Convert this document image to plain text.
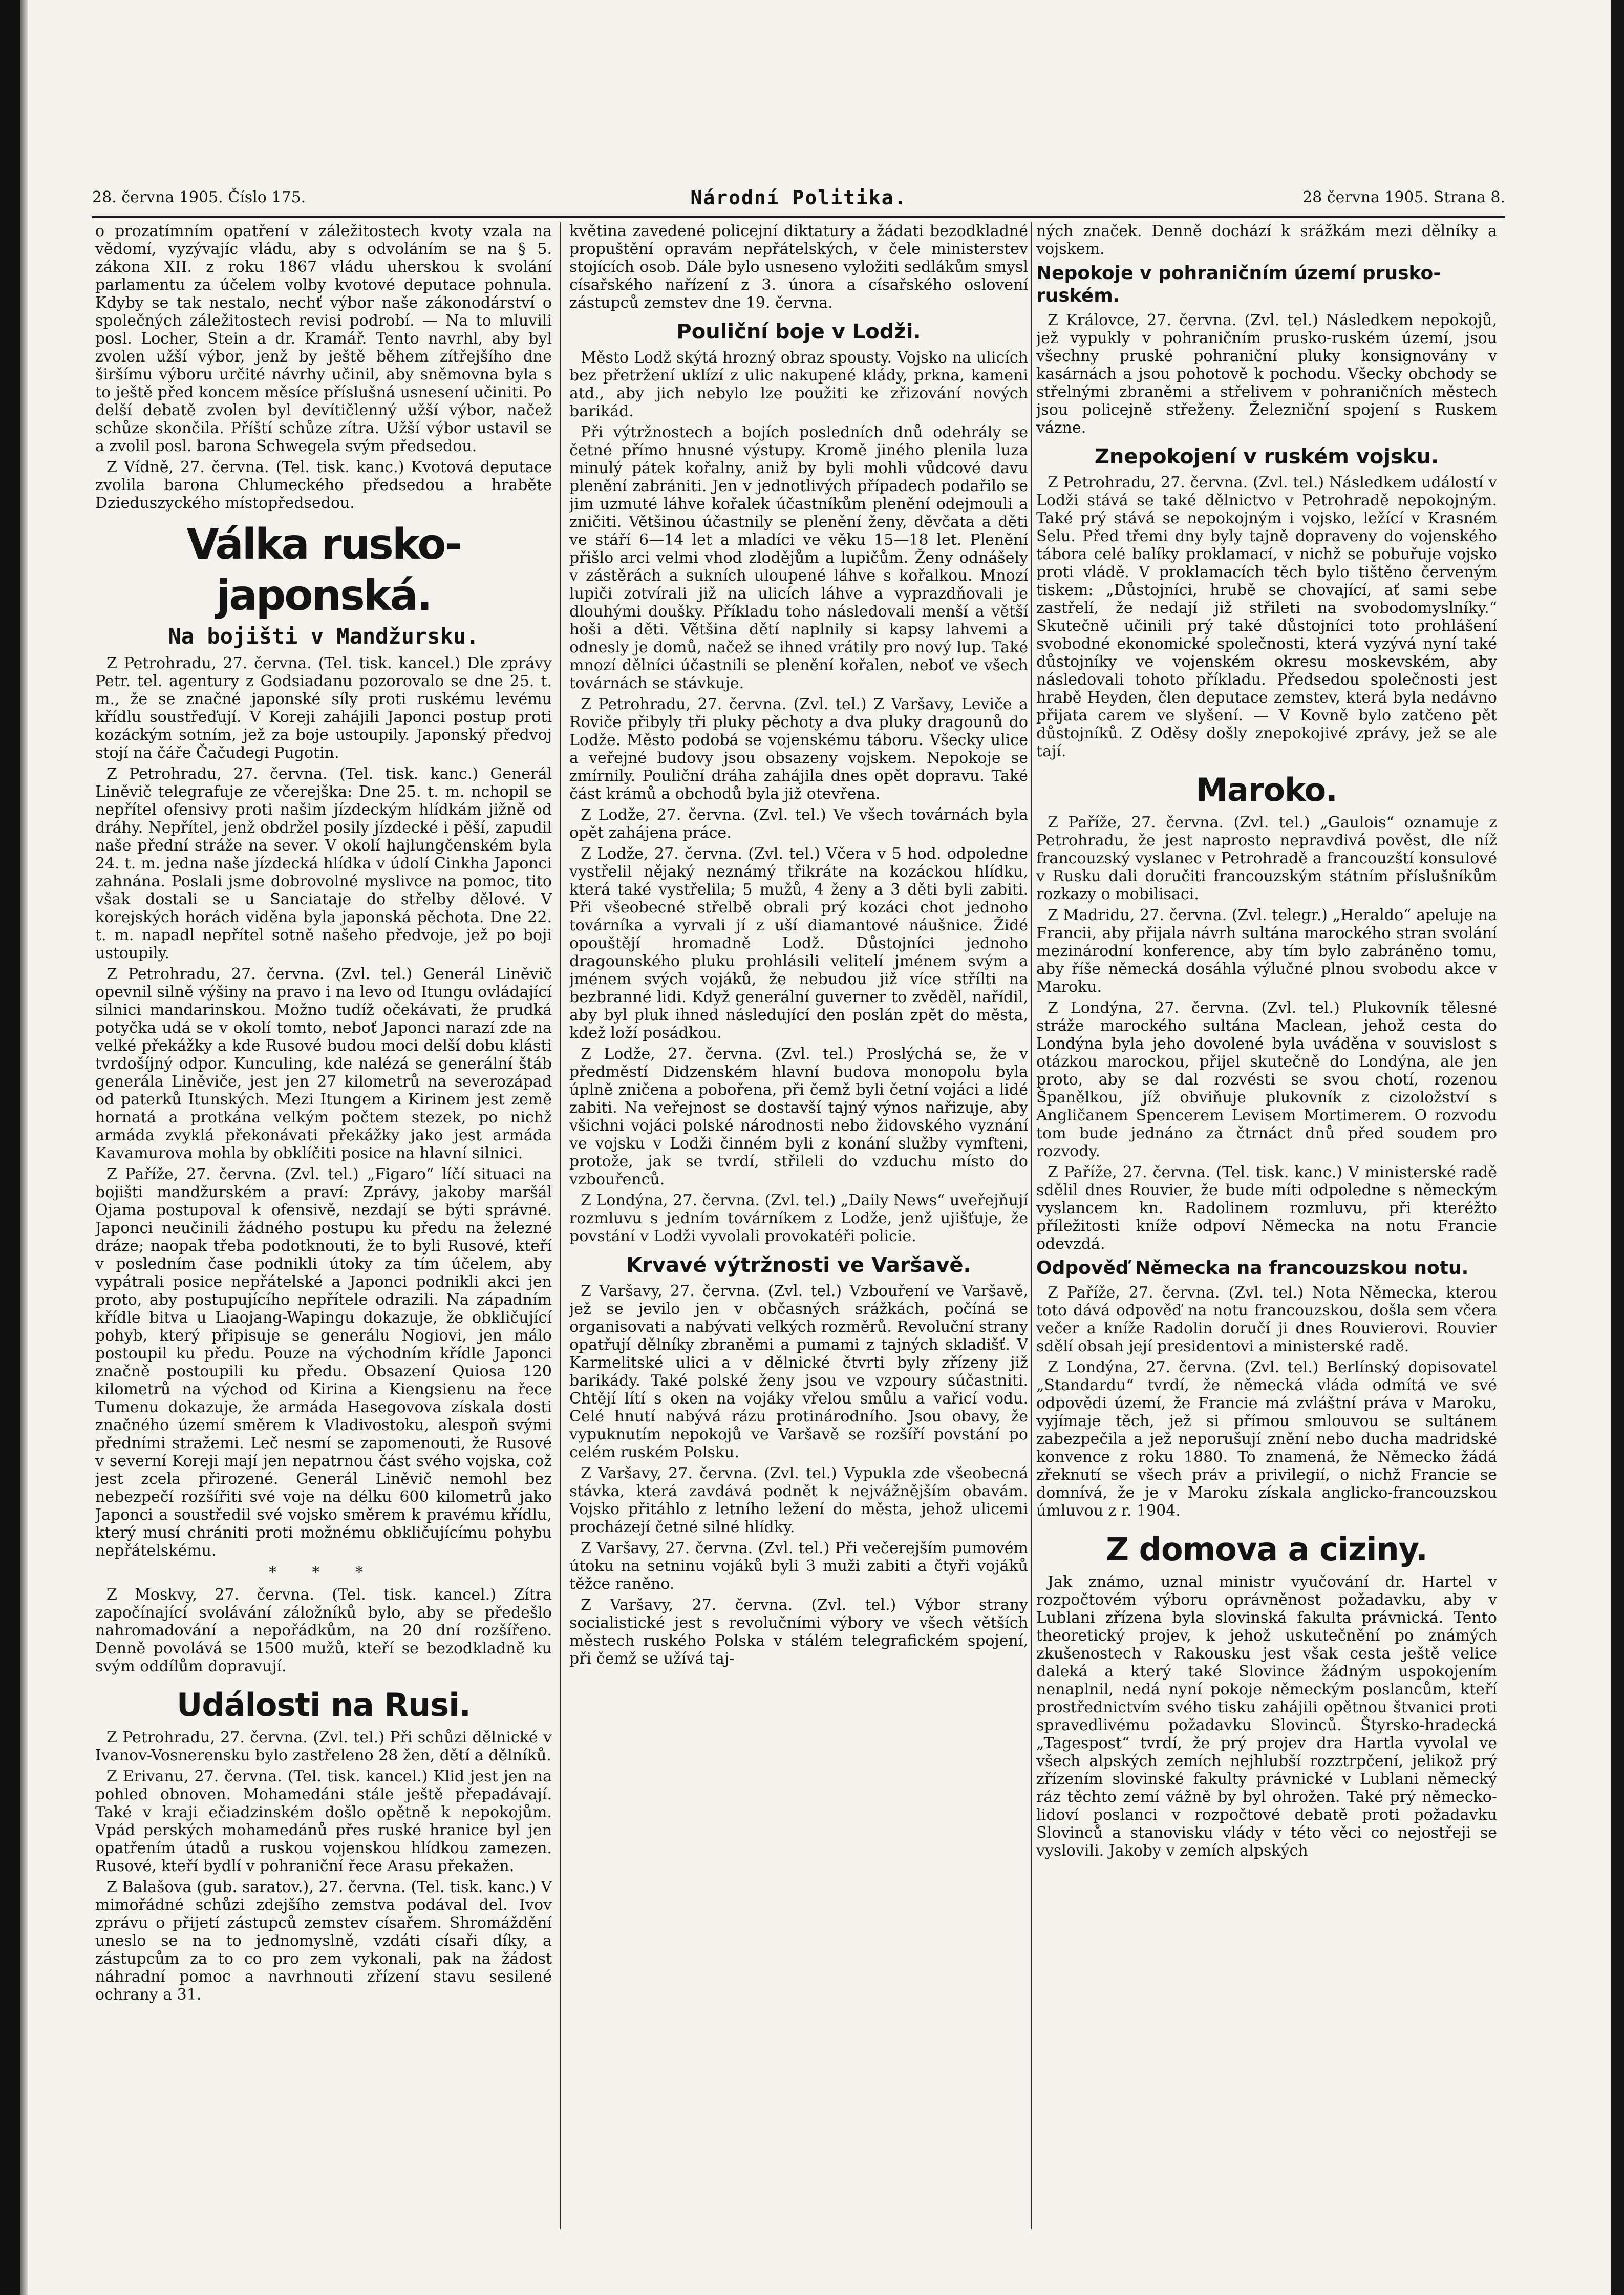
28. června 1905. Číslo 175.	Národní Politika.	28 června 1905. Strana 8.

o prozatímním opatření v záležitostech kvoty vzala na vědomí, vyzývajíc vládu, aby s odvoláním se na § 5. zákona XII. z roku 1867 vládu uherskou k svolání parlamentu za účelem volby kvotové deputace pohnula. Kdyby se tak nestalo, nechť výbor naše zákonodárství o společných záležitostech revisi podrobí. — Na to mluvili posl. Locher, Stein a dr. Kramář. Tento navrhl, aby byl zvolen užší výbor, jenž by ještě během zítřejšího dne širšímu výboru určité návrhy učinil, aby sněmovna byla s to ještě před koncem měsíce příslušná usnesení učiniti. Po delší debatě zvolen byl devítičlenný užší výbor, načež schůze skončila. Příští schůze zítra. Užší výbor ustavil se a zvolil posl. barona Schwegela svým předsedou.

Z Vídně, 27. června. (Tel. tisk. kanc.) Kvotová deputace zvolila barona Chlumeckého předsedou a hraběte Dzieduszyckého místopředsedou.

Válka rusko-japonská.
Na bojišti v Mandžursku.

Z Petrohradu, 27. června. (Tel. tisk. kancel.) Dle zprávy Petr. tel. agentury z Godsiadanu pozorovalo se dne 25. t. m., že se značné japonské síly proti ruskému levému křídlu soustřeďují. V Koreji zahájili Japonci postup proti kozáckým sotním, jež za boje ustoupily. Japonský předvoj stojí na čáře Čačudegi Pugotin.

Z Petrohradu, 27. června. (Tel. tisk. kanc.) Generál Liněvič telegrafuje ze včerejška: Dne 25. t. m. nchopil se nepřítel ofensivy proti našim jízdeckým hlídkám jižně od dráhy. Nepřítel, jenž obdržel posily jízdecké i pěší, zapudil naše přední stráže na sever. V okolí hajlungčenském byla 24. t. m. jedna naše jízdecká hlídka v údolí Cinkha Japonci zahnána. Poslali jsme dobrovolné myslivce na pomoc, tito však dostali se u Sanciataje do střelby dělové. V korejských horách viděna byla japonská pěchota. Dne 22. t. m. napadl nepřítel sotně našeho předvoje, jež po boji ustoupily.

Z Petrohradu, 27. června. (Zvl. tel.) Generál Liněvič opevnil silně výšiny na pravo i na levo od Itungu ovládající silnici mandarinskou. Možno tudíž očekávati, že prudká potyčka udá se v okolí tomto, neboť Japonci narazí zde na velké překážky a kde Rusové budou moci delší dobu klásti tvrdošíjný odpor. Kunculing, kde nalézá se generální štáb generála Liněviče, jest jen 27 kilometrů na severozápad od paterků Itunských. Mezi Itungem a Kirinem jest země hornatá a protkána velkým počtem stezek, po nichž armáda zvyklá překonávati překážky jako jest armáda Kavamurova mohla by obklíčiti posice na hlavní silnici.

Z Paříže, 27. června. (Zvl. tel.) „Figaro“ líčí situaci na bojišti mandžurském a praví: Zprávy, jakoby maršál Ojama postupoval k ofensivě, nezdají se býti správné. Japonci neučinili žádného postupu ku předu na železné dráze; naopak třeba podotknouti, že to byli Rusové, kteří v posledním čase podnikli útoky za tím účelem, aby vypátrali posice nepřátelské a Japonci podnikli akci jen proto, aby postupujícího nepřítele odrazili. Na západním křídle bitva u Liaojang-Wapingu dokazuje, že obkličující pohyb, který připisuje se generálu Nogiovi, jen málo postoupil ku předu. Pouze na východním křídle Japonci značně postoupili ku předu. Obsazení Quiosa 120 kilometrů na východ od Kirina a Kiengsienu na řece Tumenu dokazuje, že armáda Hasegovova získala dosti značného území směrem k Vladivostoku, alespoň svými předními stražemi. Leč nesmí se zapomenouti, že Rusové v severní Koreji mají jen nepatrnou část svého vojska, což jest zcela přirozené. Generál Liněvič nemohl bez nebezpečí rozšířiti své voje na délku 600 kilometrů jako Japonci a soustředil své vojsko směrem k pravému křídlu, který musí chrániti proti možnému obkličujícímu pohybu nepřátelskému.

* * *

Z Moskvy, 27. června. (Tel. tisk. kancel.) Zítra započínající svolávání záložníků bylo, aby se předešlo nahromadování a nepořádkům, na 20 dní rozšířeno. Denně povolává se 1500 mužů, kteří se bezodkladně ku svým oddílům dopravují.

Události na Rusi.

Z Petrohradu, 27. června. (Zvl. tel.) Při schůzi dělnické v Ivanov-Vosnerensku bylo zastřeleno 28 žen, dětí a dělníků.

Z Erivanu, 27. června. (Tel. tisk. kancel.) Klid jest jen na pohled obnoven. Mohamedáni stále ještě přepadávají. Také v kraji ečiadzinském došlo opětně k nepokojům. Vpád perských mohamedánů přes ruské hranice byl jen opatřením útadů a ruskou vojenskou hlídkou zamezen. Rusové, kteří bydlí v pohraniční řece Arasu překažen.

Z Balašova (gub. saratov.), 27. června. (Tel. tisk. kanc.) V mimořádné schůzi zdejšího zemstva podával del. Ivov zprávu o přijetí zástupců zemstev císařem. Shromáždění uneslo se na to jednomyslně, vzdáti císaři díky, a zástupcům za to co pro zem vykonali, pak na žádost náhradní pomoc a navrhnouti zřízení stavu sesilené ochrany a 31.

květina zavedené policejní diktatury a žádati bezodkladné propuštění opravám nepřátelských, v čele ministerstev stojících osob. Dále bylo usneseno vyložiti sedlákům smysl císařského nařízení z 3. února a císařského oslovení zástupců zemstev dne 19. června.

Pouliční boje v Lodži.

Město Lodž skýtá hrozný obraz spousty. Vojsko na ulicích bez přetržení uklízí z ulic nakupené klády, prkna, kameni atd., aby jich nebylo lze použiti ke zřizování nových barikád.

Při výtržnostech a bojích posledních dnů odehrály se četné přímo hnusné výstupy. Kromě jiného plenila luza minulý pátek kořalny, aniž by byli mohli vůdcové davu plenění zabrániti. Jen v jednotlivých případech podařilo se jim uzmuté láhve kořalek účastníkům plenění odejmouli a zničiti. Většinou účastnily se plenění ženy, děvčata a děti ve stáří 6—14 let a mladíci ve věku 15—18 let. Plenění přišlo arci velmi vhod zlodějům a lupičům. Ženy odnášely v zástěrách a sukních uloupené láhve s kořalkou. Mnozí lupiči zotvírali již na ulicích láhve a vyprazdňovali je dlouhými doušky. Příkladu toho následovali menší a větší hoši a děti. Většina dětí naplnily si kapsy lahvemi a odnesly je domů, načež se ihned vrátily pro nový lup. Také mnozí dělníci účastnili se plenění kořalen, neboť ve všech továrnách se stávkuje.

Z Petrohradu, 27. června. (Zvl. tel.) Z Varšavy, Leviče a Roviče přibyly tři pluky pěchoty a dva pluky dragounů do Lodže. Město podobá se vojenskému táboru. Všecky ulice a veřejné budovy jsou obsazeny vojskem. Nepokoje se zmírnily. Pouliční dráha zahájila dnes opět dopravu. Také část krámů a obchodů byla již otevřena.

Z Lodže, 27. června. (Zvl. tel.) Ve všech továrnách byla opět zahájena práce.

Z Lodže, 27. června. (Zvl. tel.) Včera v 5 hod. odpoledne vystřelil nějaký neznámý třikráte na kozáckou hlídku, která také vystřelila; 5 mužů, 4 ženy a 3 děti byli zabiti. Při všeobecné střelbě obrali prý kozáci chot jednoho továrníka a vyrvali jí z uší diamantové náušnice. Židé opouštějí hromadně Lodž. Důstojníci jednoho dragounského pluku prohlásili velitelí jménem svým a jménem svých vojáků, že nebudou již více střílti na bezbranné lidi. Když generální guverner to zvěděl, nařídil, aby byl pluk ihned následující den poslán zpět do města, kdež loží posádkou.

Z Lodže, 27. června. (Zvl. tel.) Proslýchá se, že v předměstí Didzenském hlavní budova monopolu byla úplně zničena a pobořena, při čemž byli četní vojáci a lidé zabiti. Na veřejnost se dostavší tajný výnos nařizuje, aby všichni vojáci polské národnosti nebo židovského vyznání ve vojsku v Lodži činném byli z konání služby vymfteni, protože, jak se tvrdí, střileli do vzduchu místo do vzbouřenců.

Z Londýna, 27. června. (Zvl. tel.) „Daily News“ uveřejňují rozmluvu s jedním továrníkem z Lodže, jenž ujišťuje, že povstání v Lodži vyvolali provokatéři policie.

Krvavé výtržnosti ve Varšavě.

Z Varšavy, 27. června. (Zvl. tel.) Vzbouření ve Varšavě, jež se jevilo jen v občasných srážkách, počíná se organisovati a nabývati velkých rozměrů. Revoluční strany opatřují dělníky zbraněmi a pumami z tajných skladišť. V Karmelitské ulici a v dělnické čtvrti byly zřízeny již barikády. Také polské ženy jsou ve vzpoury súčastniti. Chtějí lítí s oken na vojáky vřelou smůlu a vařicí vodu. Celé hnutí nabývá rázu protinárodního. Jsou obavy, že vypuknutím nepokojů ve Varšavě se rozšíří povstání po celém ruském Polsku.

Z Varšavy, 27. června. (Zvl. tel.) Vypukla zde všeobecná stávka, která zavdává podnět k nejvážnějším obavám. Vojsko přitáhlo z letního ležení do města, jehož ulicemi procházejí četné silné hlídky.

Z Varšavy, 27. června. (Zvl. tel.) Při večerejším pumovém útoku na setninu vojáků byli 3 muži zabiti a čtyři vojáků těžce raněno.

Z Varšavy, 27. června. (Zvl. tel.) Výbor strany socialistické jest s revolučními výbory ve všech větších městech ruského Polska v stálém telegrafickém spojení, při čemž se užívá taj-

ných značek. Denně dochází k srážkám mezi dělníky a vojskem.

Nepokoje v pohraničním území prusko-ruském.

Z Královce, 27. června. (Zvl. tel.) Následkem nepokojů, jež vypukly v pohraničním prusko-ruském území, jsou všechny pruské pohraniční pluky konsignovány v kasárnách a jsou pohotově k pochodu. Všecky obchody se střelnými zbraněmi a střelivem v pohraničních městech jsou policejně střeženy. Železniční spojení s Ruskem vázne.

Znepokojení v ruském vojsku.

Z Petrohradu, 27. června. (Zvl. tel.) Následkem událostí v Lodži stává se také dělnictvo v Petrohradě nepokojným. Také prý stává se nepokojným i vojsko, ležící v Krasném Selu. Před třemi dny byly tajně dopraveny do vojenského tábora celé balíky proklamací, v nichž se pobuřuje vojsko proti vládě. V proklamacích těch bylo tištěno červeným tiskem: „Důstojníci, hrubě se chovající, ať sami sebe zastřelí, že nedají již střileti na svobodomyslníky.“ Skutečně učinili prý také důstojníci toto prohlášení svobodné ekonomické společnosti, která vyzývá nyní také důstojníky ve vojenském okresu moskevském, aby následovali tohoto příkladu. Předsedou společnosti jest hrabě Heyden, člen deputace zemstev, která byla nedávno přijata carem ve slyšení. — V Kovně bylo zatčeno pět důstojníků. Z Oděsy došly znepokojivé zprávy, jež se ale tají.

Maroko.

Z Paříže, 27. června. (Zvl. tel.) „Gaulois“ oznamuje z Petrohradu, že jest naprosto nepravdivá pověst, dle níž francouzský vyslanec v Petrohradě a francouzští konsulové v Rusku dali doručiti francouzským státním příslušníkům rozkazy o mobilisaci.

Z Madridu, 27. června. (Zvl. telegr.) „Heraldo“ apeluje na Francii, aby přijala návrh sultána marockého stran svolání mezinárodní konference, aby tím bylo zabráněno tomu, aby říše německá dosáhla výlučné plnou svobodu akce v Maroku.

Z Londýna, 27. června. (Zvl. tel.) Plukovník tělesné stráže marockého sultána Maclean, jehož cesta do Londýna byla jeho dovolené byla uváděna v souvislost s otázkou marockou, přijel skutečně do Londýna, ale jen proto, aby se dal rozvésti se svou chotí, rozenou Španělkou, jíž obviňuje plukovník z cizoložství s Angličanem Spencerem Levisem Mortimerem. O rozvodu tom bude jednáno za čtrnáct dnů před soudem pro rozvody.

Z Paříže, 27. června. (Tel. tisk. kanc.) V ministerské radě sdělil dnes Rouvier, že bude míti odpoledne s německým vyslancem kn. Radolinem rozmluvu, při kteréžto příležitosti kníže odpoví Německa na notu Francie odevzdá.

Odpověď Německa na francouzskou notu.

Z Paříže, 27. června. (Zvl. tel.) Nota Německa, kterou toto dává odpověď na notu francouzskou, došla sem včera večer a kníže Radolin doručí ji dnes Rouvierovi. Rouvier sdělí obsah její presidentovi a ministerské radě.

Z Londýna, 27. června. (Zvl. tel.) Berlínský dopisovatel „Standardu“ tvrdí, že německá vláda odmítá ve své odpovědi území, že Francie má zvláštní práva v Maroku, vyjímaje těch, jež si přímou smlouvou se sultánem zabezpečila a jež neporušují znění nebo ducha madridské konvence z roku 1880. To znamená, že Německo žádá zřeknutí se všech práv a privilegií, o nichž Francie se domnívá, že je v Maroku získala anglicko-francouzskou úmluvou z r. 1904.

Z domova a ciziny.

Jak známo, uznal ministr vyučování dr. Hartel v rozpočtovém výboru oprávněnost požadavku, aby v Lublani zřízena byla slovinská fakulta právnická. Tento theoretický projev, k jehož uskutečnění po známých zkušenostech v Rakousku jest však cesta ještě velice daleká a který také Slovince žádným uspokojením nenaplnil, nedá nyní pokoje německým poslancům, kteří prostřednictvím svého tisku zahájili opětnou štvanici proti spravedlivému požadavku Slovinců. Štyrsko-hradecká „Tagespost“ tvrdí, že prý projev dra Hartla vyvolal ve všech alpských zemích nejhlubší rozztrpčení, jelikož prý zřízením slovinské fakulty právnické v Lublani německý ráz těchto zemí vážně by byl ohrožen. Také prý německo-lidoví poslanci v rozpočtové debatě proti požadavku Slovinců a stanovisku vlády v této věci co nejostřeji se vyslovili. Jakoby v zemích alpských
